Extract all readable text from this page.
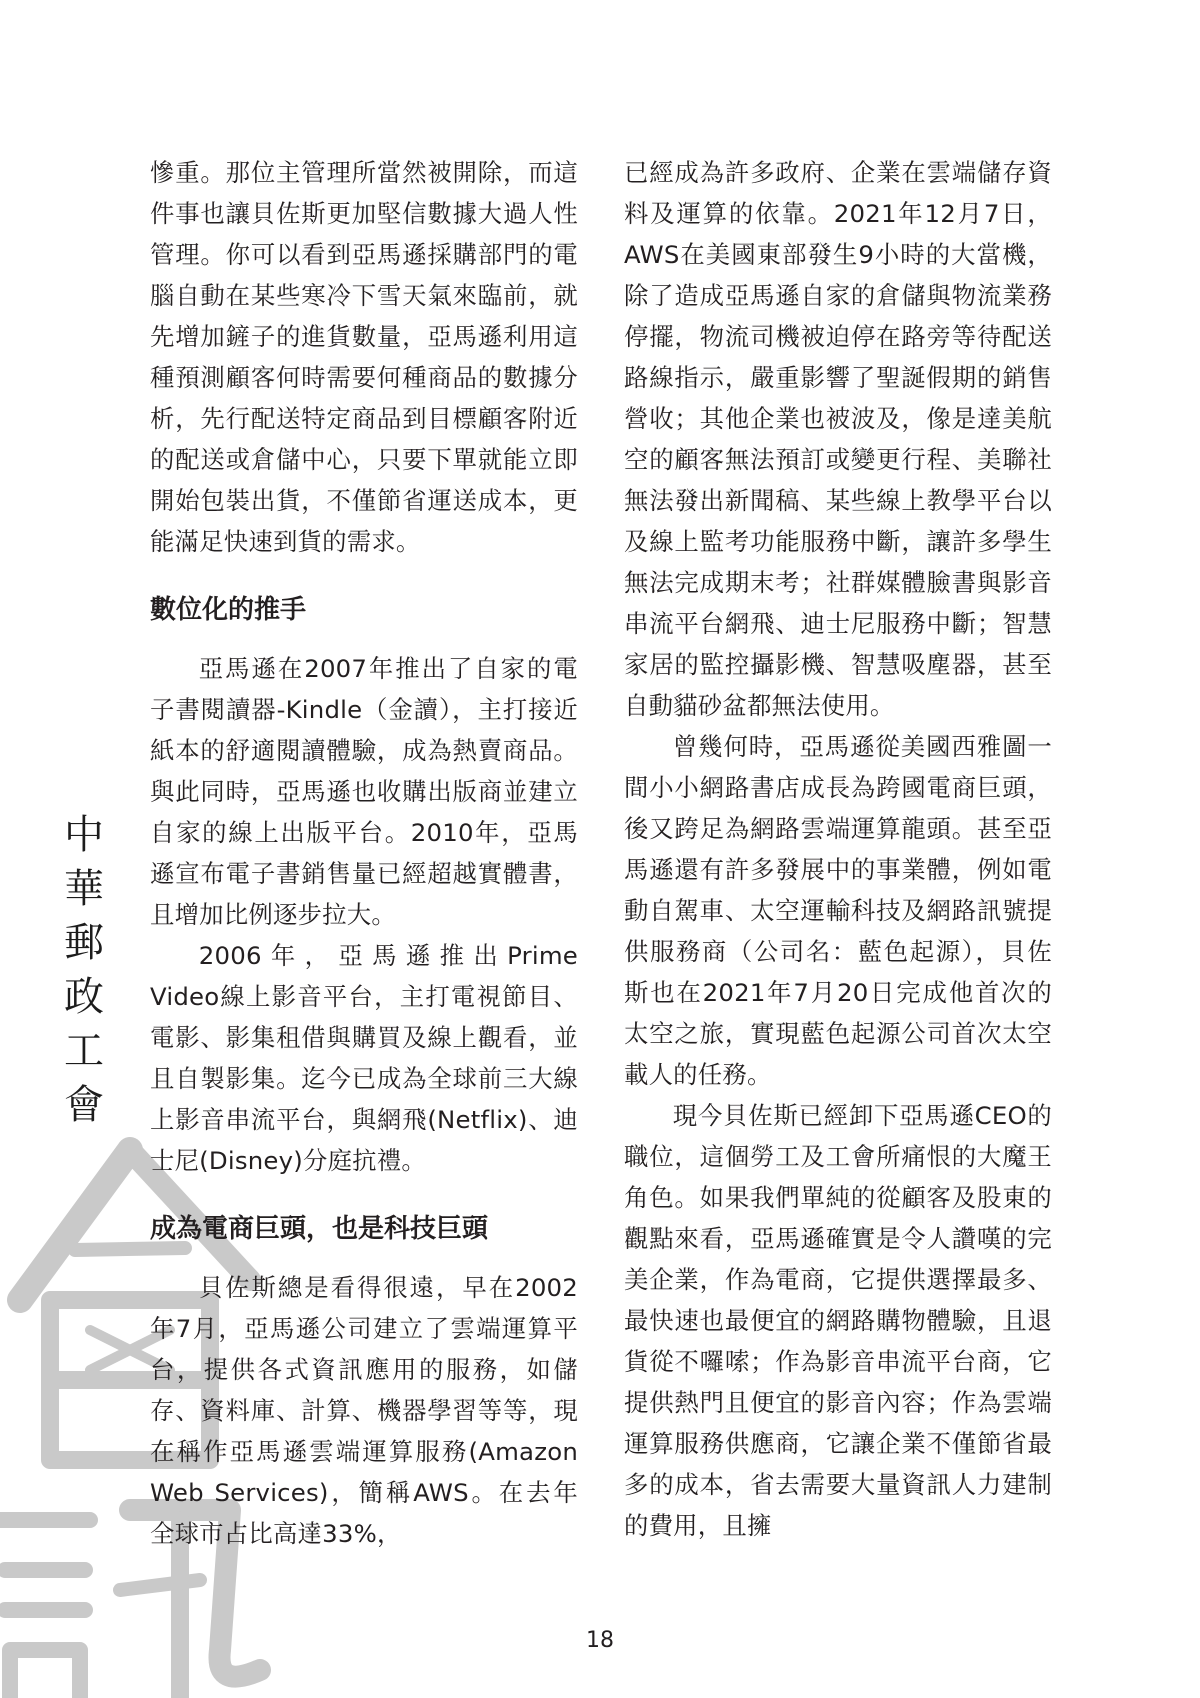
中華郵政工會

慘重。那位主管理所當然被開除，而這件事也讓貝佐斯更加堅信數據大過人性管理。你可以看到亞馬遜採購部門的電腦自動在某些寒冷下雪天氣來臨前，就先增加鏟子的進貨數量，亞馬遜利用這種預測顧客何時需要何種商品的數據分析，先行配送特定商品到目標顧客附近的配送或倉儲中心，只要下單就能立即開始包裝出貨，不僅節省運送成本，更能滿足快速到貨的需求。

數位化的推手

亞馬遜在2007年推出了自家的電子書閱讀器-Kindle（金讀），主打接近紙本的舒適閱讀體驗，成為熱賣商品。與此同時，亞馬遜也收購出版商並建立自家的線上出版平台。2010年，亞馬遜宣布電子書銷售量已經超越實體書，且增加比例逐步拉大。

2006年，亞馬遜推出Prime Video線上影音平台，主打電視節目、電影、影集租借與購買及線上觀看，並且自製影集。迄今已成為全球前三大線上影音串流平台，與網飛(Netflix)、迪士尼(Disney)分庭抗禮。

成為電商巨頭，也是科技巨頭

貝佐斯總是看得很遠，早在2002年7月，亞馬遜公司建立了雲端運算平台，提供各式資訊應用的服務，如儲存、資料庫、計算、機器學習等等，現在稱作亞馬遜雲端運算服務(Amazon Web Services)，簡稱AWS。在去年全球市占比高達33%，

已經成為許多政府、企業在雲端儲存資料及運算的依靠。2021年12月7日，AWS在美國東部發生9小時的大當機，除了造成亞馬遜自家的倉儲與物流業務停擺，物流司機被迫停在路旁等待配送路線指示，嚴重影響了聖誕假期的銷售營收；其他企業也被波及，像是達美航空的顧客無法預訂或變更行程、美聯社無法發出新聞稿、某些線上教學平台以及線上監考功能服務中斷，讓許多學生無法完成期末考；社群媒體臉書與影音串流平台網飛、迪士尼服務中斷；智慧家居的監控攝影機、智慧吸塵器，甚至自動貓砂盆都無法使用。

曾幾何時，亞馬遜從美國西雅圖一間小小網路書店成長為跨國電商巨頭，後又跨足為網路雲端運算龍頭。甚至亞馬遜還有許多發展中的事業體，例如電動自駕車、太空運輸科技及網路訊號提供服務商（公司名：藍色起源），貝佐斯也在2021年7月20日完成他首次的太空之旅，實現藍色起源公司首次太空載人的任務。

現今貝佐斯已經卸下亞馬遜CEO的職位，這個勞工及工會所痛恨的大魔王角色。如果我們單純的從顧客及股東的觀點來看，亞馬遜確實是令人讚嘆的完美企業，作為電商，它提供選擇最多、最快速也最便宜的網路購物體驗，且退貨從不囉嗦；作為影音串流平台商，它提供熱門且便宜的影音內容；作為雲端運算服務供應商，它讓企業不僅節省最多的成本，省去需要大量資訊人力建制的費用，且擁

18
